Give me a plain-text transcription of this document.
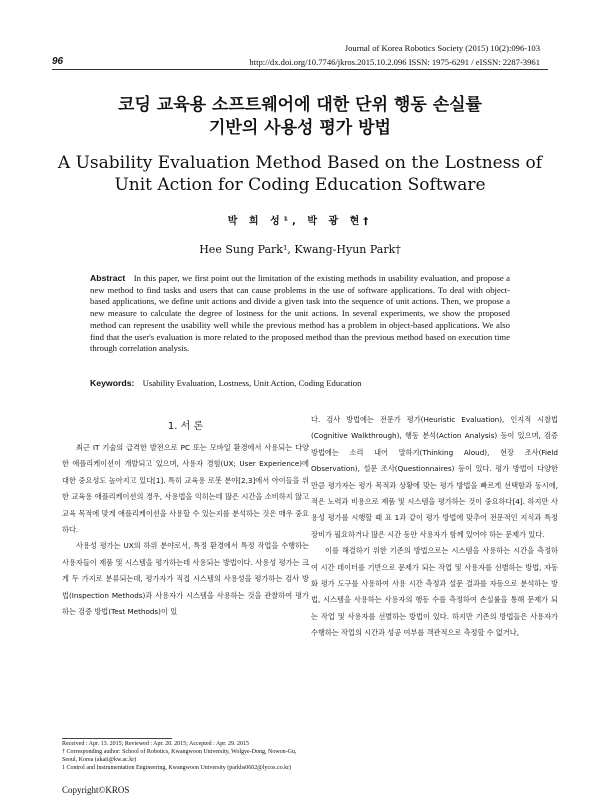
96
Journal of Korea Robotics Society (2015) 10(2):096-103
http://dx.doi.org/10.7746/jkros.2015.10.2.096 ISSN: 1975-6291 / eISSN: 2287-3961
코딩 교육용 소프트웨어에 대한 단위 행동 손실률
기반의 사용성 평가 방법
A Usability Evaluation Method Based on the Lostness of
Unit Action for Coding Education Software
박 희 성¹, 박 광 현†
Hee Sung Park¹, Kwang-Hyun Park†
Abstract In this paper, we first point out the limitation of the existing methods in usability evaluation, and propose a new method to find tasks and users that can cause problems in the use of software applications. To deal with object-based applications, we define unit actions and divide a given task into the sequence of unit actions. Then, we propose a new measure to calculate the degree of lostness for the unit actions. In several experiments, we show the proposed method can represent the usability well while the previous method has a problem in object-based applications. We also find that the user's evaluation is more related to the proposed method than the previous method based on execution time through correlation analysis.
Keywords: Usability Evaluation, Lostness, Unit Action, Coding Education
1. 서 론

최근 IT 기술의 급격한 발전으로 PC 또는 모바일 환경에서 사용되는 다양한 애플리케이션이 개발되고 있으며, 사용자 경험(UX; User Experience)에 대한 중요성도 높아지고 있다[1]. 특히 교육용 로봇 분야[2,3]에서 아이들을 위한 교육용 애플리케이션의 경우, 사용법을 익히는데 많은 시간을 소비하지 않고 교육 목적에 맞게 애플리케이션을 사용할 수 있는지를 분석하는 것은 매우 중요하다.

사용성 평가는 UX의 하위 분야로서, 특정 환경에서 특정 작업을 수행하는 사용자들이 제품 및 시스템을 평가하는데 사용되는 방법이다. 사용성 평가는 크게 두 가지로 분류되는데, 평가자가 직접 시스템의 사용성을 평가하는 검사 방법(Inspection Methods)과 사용자가 시스템을 사용하는 것을 관찰하여 평가하는 검증 방법(Test Methods)이 있

다. 검사 방법에는 전문가 평가(Heuristic Evaluation), 인지적 시찰법(Cognitive Walkthrough), 행동 분석(Action Analysis) 등이 있으며, 검증 방법에는 소리 내어 말하기(Thinking Aloud), 현장 조사(Field Observation), 설문 조사(Questionnaires) 등이 있다. 평가 방법이 다양한 만큼 평가자는 평가 목적과 상황에 맞는 평가 방법을 빠르게 선택함과 동시에, 적은 노력과 비용으로 제품 및 시스템을 평가하는 것이 중요하다[4]. 하지만 사용성 평가를 시행할 때 표 1과 같이 평가 방법에 맞추어 전문적인 지식과 특정 장비가 필요하거나 많은 시간 동안 사용자가 함께 있어야 하는 문제가 있다.

이를 해결하기 위한 기존의 방법으로는 시스템을 사용하는 시간을 측정하여 시간 데이터를 기반으로 문제가 되는 작업 및 사용자를 선별하는 방법, 자동화 평가 도구를 사용하여 사용 시간 측정과 설문 결과를 자동으로 분석하는 방법, 시스템을 사용하는 사용자의 행동 수를 측정하여 손실률을 통해 문제가 되는 작업 및 사용자를 선별하는 방법이 있다. 하지만 기존의 방법들은 사용자가 수행하는 작업의 시간과 성공 여부를 객관적으로 측정할 수 없거나,

Received : Apr. 13. 2015; Reviewed : Apr. 20. 2015; Accepted : Apr. 29. 2015
† Corresponding author: School of Robotics, Kwangwoon University, Wolgye-Dong, Nowon-Gu, Seoul, Korea (akaii@kw.ac.kr)
1 Control and Instrumentation Engineering, Kwangwoon University (parkhs0602@lycos.co.kr)
Copyright©KROS
